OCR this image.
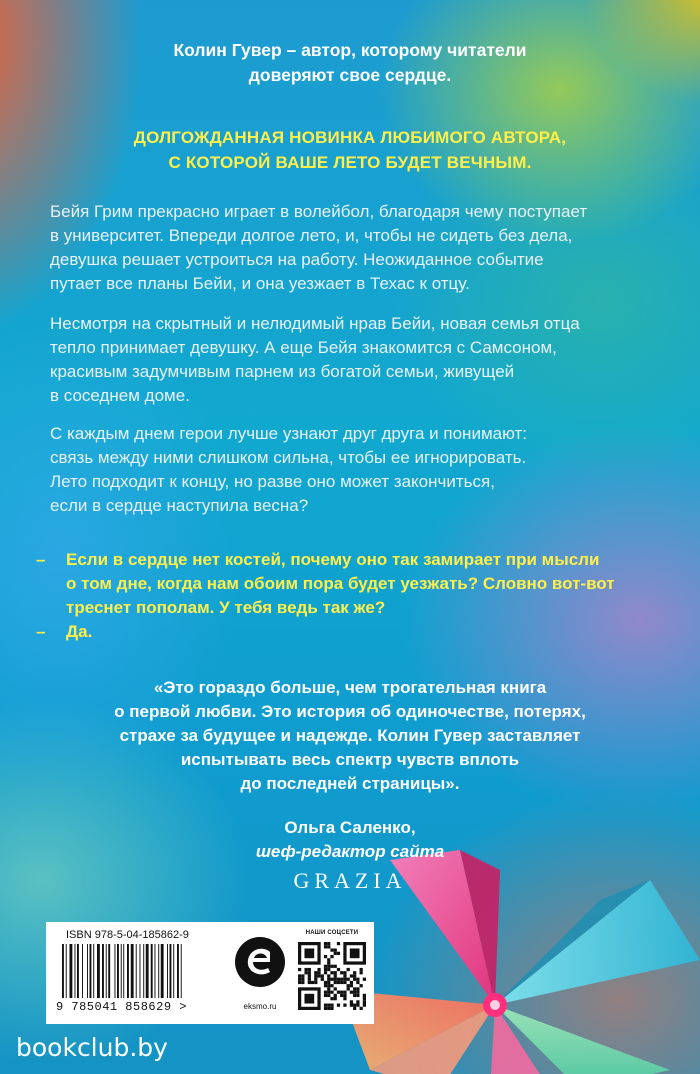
Колин Гувер – автор, которому читатели
доверяют свое сердце.
ДОЛГОЖДАННАЯ НОВИНКА ЛЮБИМОГО АВТОРА,
С КОТОРОЙ ВАШЕ ЛЕТО БУДЕТ ВЕЧНЫМ.
Бейя Грим прекрасно играет в волейбол, благодаря чему поступает
в университет. Впереди долгое лето, и, чтобы не сидеть без дела,
девушка решает устроиться на работу. Неожиданное событие
путает все планы Бейи, и она уезжает в Техас к отцу.
Несмотря на скрытный и нелюдимый нрав Бейи, новая семья отца
тепло принимает девушку. А еще Бейя знакомится с Самсоном,
красивым задумчивым парнем из богатой семьи, живущей
в соседнем доме.
С каждым днем герои лучше узнают друг друга и понимают:
связь между ними слишком сильна, чтобы ее игнорировать.
Лето подходит к концу, но разве оно может закончиться,
если в сердце наступила весна?
–	Если в сердце нет костей, почему оно так замирает при мысли
о том дне, когда нам обоим пора будет уезжать? Словно вот-вот
треснет пополам. У тебя ведь так же?
–	Да.
«Это гораздо больше, чем трогательная книга
о первой любви. Это история об одиночестве, потерях,
страхе за будущее и надежде. Колин Гувер заставляет
испытывать весь спектр чувств вплоть
до последней страницы».
Ольга Саленко,
шеф-редактор сайта
GRAZIA
ISBN 978-5-04-185862-9
9 785041 858629 >	eksmo.ru
НАШИ СОЦСЕТИ
bookclub.by
